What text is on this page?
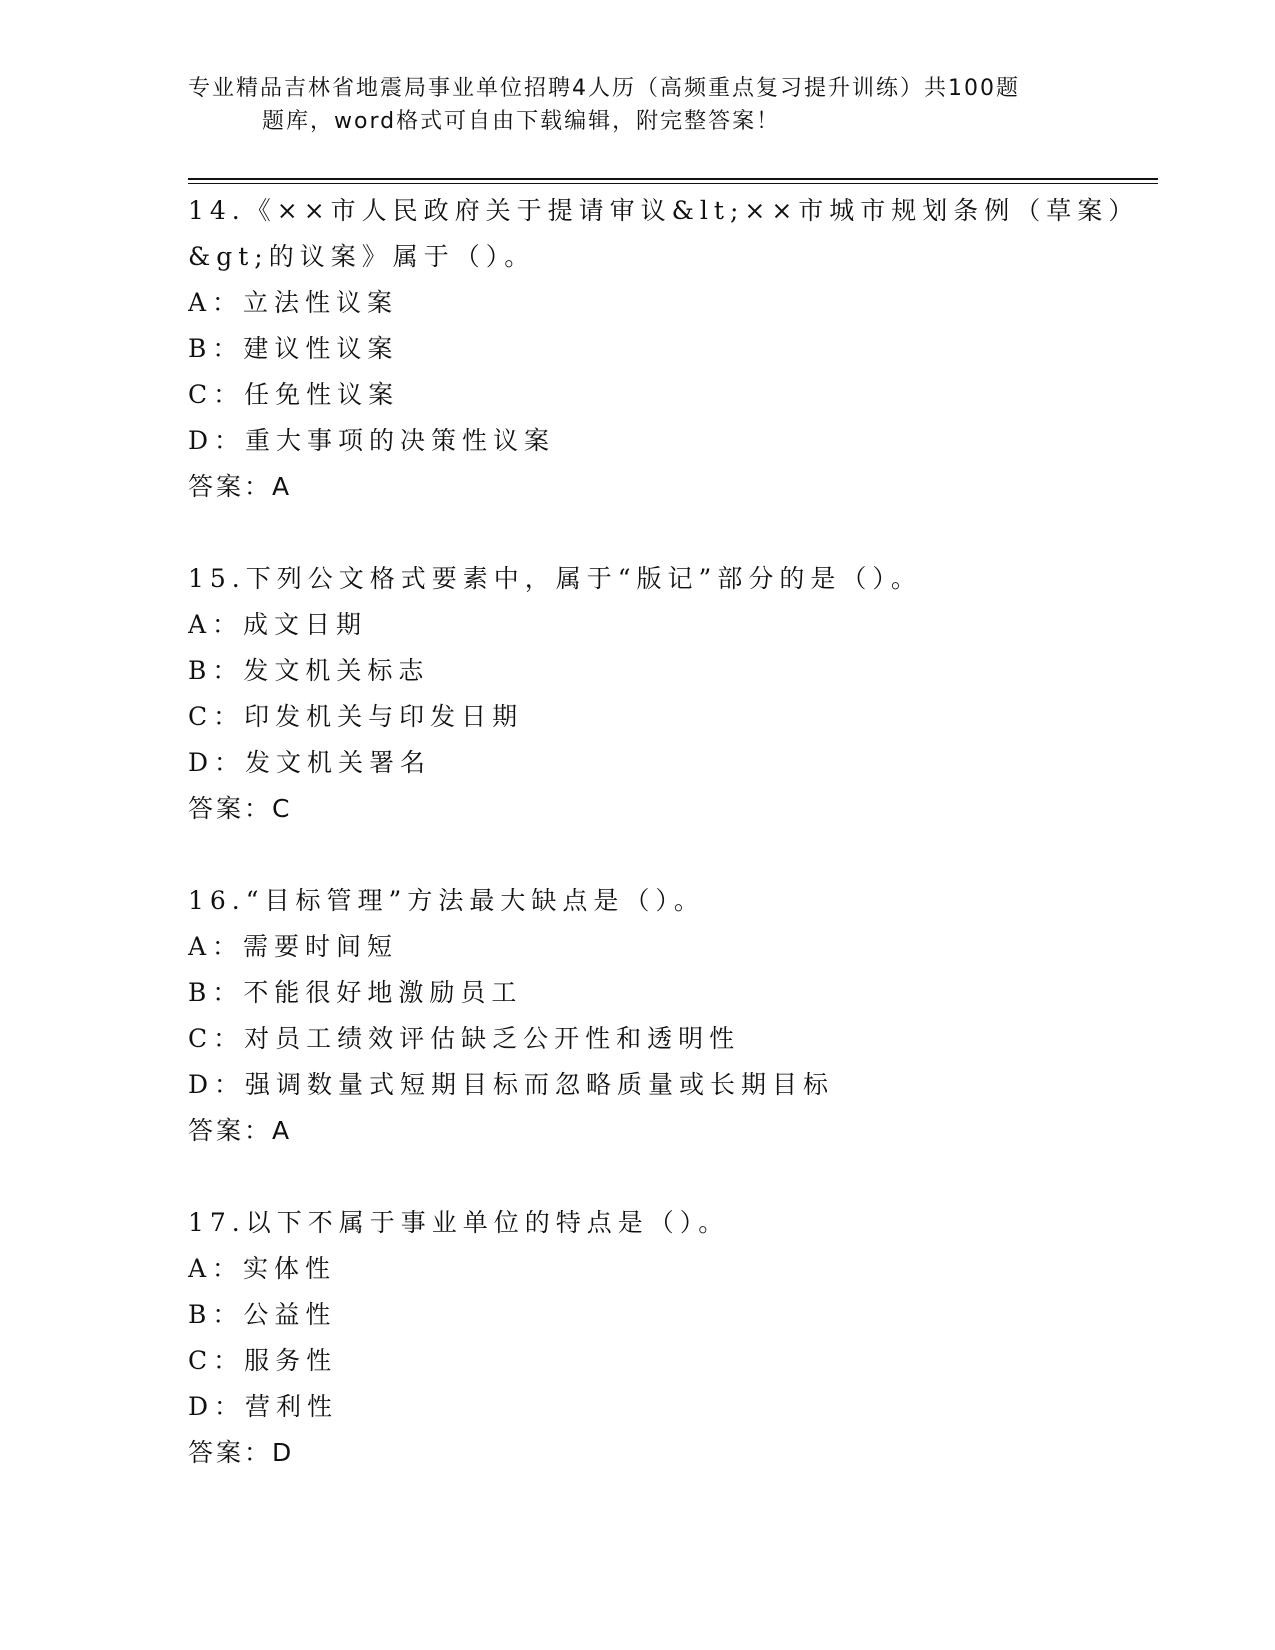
专业精品吉林省地震局事业单位招聘4人历（高频重点复习提升训练）共100题
题库，word格式可自由下载编辑，附完整答案！
14.《××市人民政府关于提请审议&lt;××市城市规划条例（草案）
&gt;的议案》属于（）。
A：立法性议案
B：建议性议案
C：任免性议案
D：重大事项的决策性议案
答案：A
15.下列公文格式要素中，属于“版记”部分的是（）。
A：成文日期
B：发文机关标志
C：印发机关与印发日期
D：发文机关署名
答案：C
16.“目标管理”方法最大缺点是（）。
A：需要时间短
B：不能很好地激励员工
C：对员工绩效评估缺乏公开性和透明性
D：强调数量式短期目标而忽略质量或长期目标
答案：A
17.以下不属于事业单位的特点是（）。
A：实体性
B：公益性
C：服务性
D：营利性
答案：D
